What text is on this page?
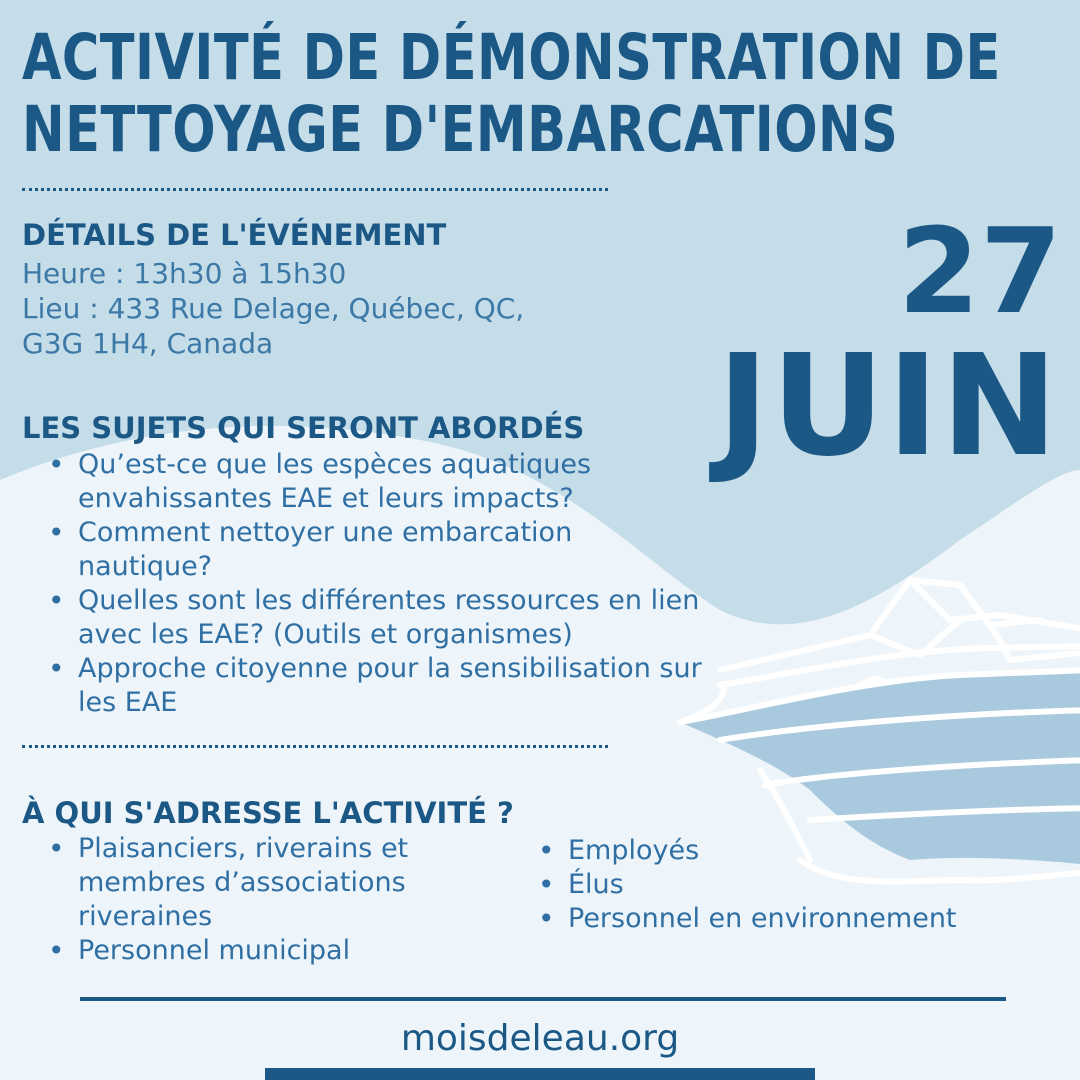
ACTIVITÉ DE DÉMONSTRATION DE
NETTOYAGE D'EMBARCATIONS
DÉTAILS DE L'ÉVÉNEMENT
Heure : 13h30 à 15h30
Lieu : 433 Rue Delage, Québec, QC,
G3G 1H4, Canada
27
JUIN
LES SUJETS QUI SERONT ABORDÉS
• Qu’est-ce que les espèces aquatiques envahissantes EAE et leurs impacts?
• Comment nettoyer une embarcation nautique?
• Quelles sont les différentes ressources en lien avec les EAE? (Outils et organismes)
• Approche citoyenne pour la sensibilisation sur les EAE
À QUI S'ADRESSE L'ACTIVITÉ ?
• Plaisanciers, riverains et membres d’associations riveraines
• Personnel municipal
• Employés
• Élus
• Personnel en environnement
moisdeleau.org
